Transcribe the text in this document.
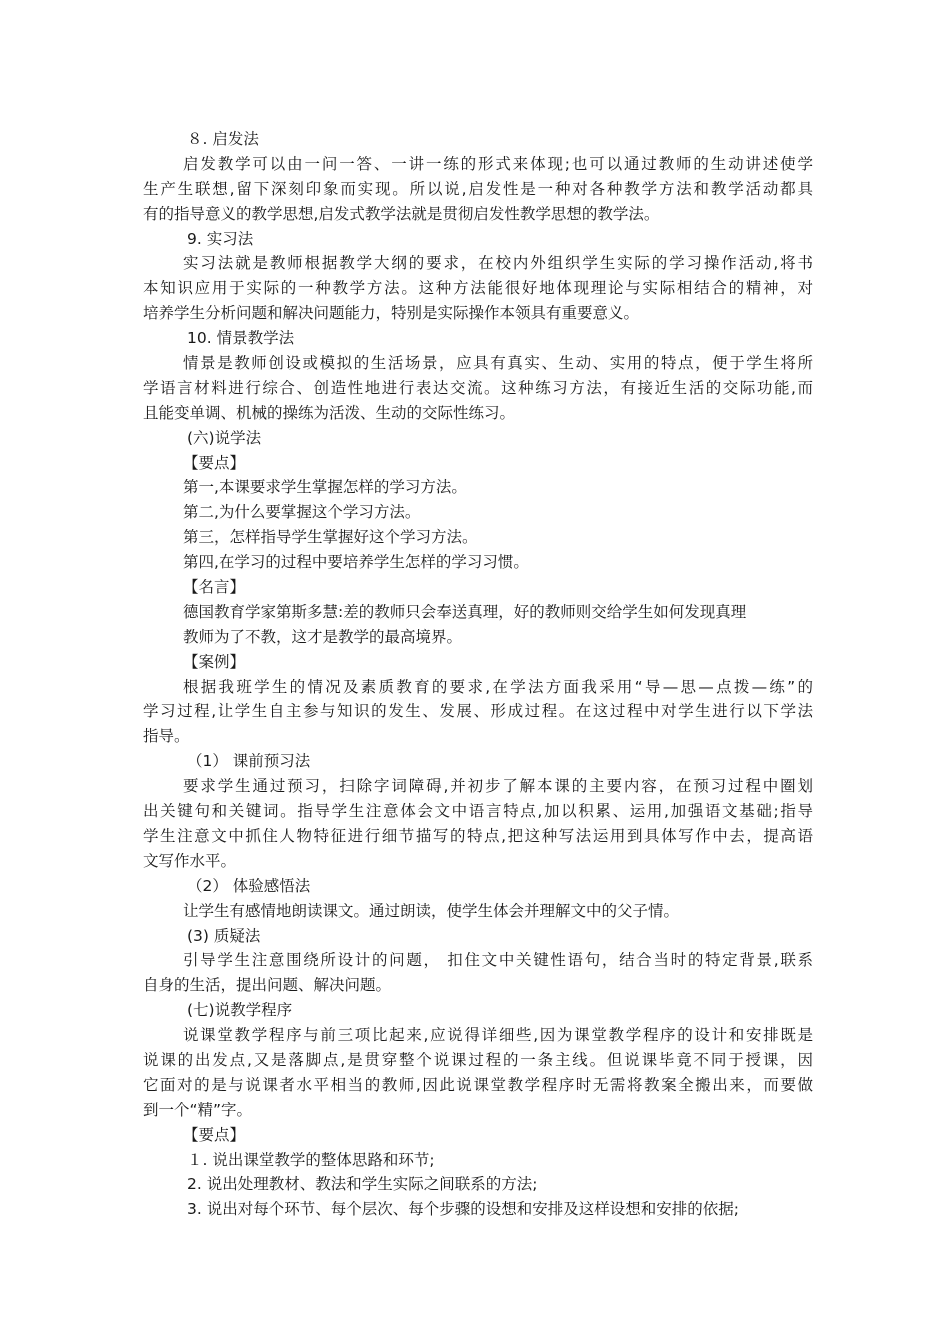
８. 启发法
启发教学可以由一问一答、一讲一练的形式来体现;也可以通过教师的生动讲述使学
生产生联想,留下深刻印象而实现。所以说,启发性是一种对各种教学方法和教学活动都具
有的指导意义的教学思想,启发式教学法就是贯彻启发性教学思想的教学法。
9. 实习法
实习法就是教师根据教学大纲的要求，在校内外组织学生实际的学习操作活动,将书
本知识应用于实际的一种教学方法。这种方法能很好地体现理论与实际相结合的精神，对
培养学生分析问题和解决问题能力，特别是实际操作本领具有重要意义。
10. 情景教学法
情景是教师创设或模拟的生活场景，应具有真实、生动、实用的特点，便于学生将所
学语言材料进行综合、创造性地进行表达交流。这种练习方法，有接近生活的交际功能,而
且能变单调、机械的操练为活泼、生动的交际性练习。
(六)说学法
【要点】
第一,本课要求学生掌握怎样的学习方法。
第二,为什么要掌握这个学习方法。
第三，怎样指导学生掌握好这个学习方法。
第四,在学习的过程中要培养学生怎样的学习习惯。
【名言】
德国教育学家第斯多慧:差的教师只会奉送真理，好的教师则交给学生如何发现真理
教师为了不教，这才是教学的最高境界。
【案例】
根据我班学生的情况及素质教育的要求,在学法方面我采用“导—思—点拨—练”的
学习过程,让学生自主参与知识的发生、发展、形成过程。在这过程中对学生进行以下学法
指导。
（1） 课前预习法
要求学生通过预习，扫除字词障碍,并初步了解本课的主要内容，在预习过程中圈划
出关键句和关键词。指导学生注意体会文中语言特点,加以积累、运用,加强语文基础;指导
学生注意文中抓住人物特征进行细节描写的特点,把这种写法运用到具体写作中去，提高语
文写作水平。
（2） 体验感悟法
让学生有感情地朗读课文。通过朗读，使学生体会并理解文中的父子情。
(3) 质疑法
引导学生注意围绕所设计的问题， 扣住文中关键性语句，结合当时的特定背景,联系
自身的生活，提出问题、解决问题。
(七)说教学程序
说课堂教学程序与前三项比起来,应说得详细些,因为课堂教学程序的设计和安排既是
说课的出发点,又是落脚点,是贯穿整个说课过程的一条主线。但说课毕竟不同于授课，因
它面对的是与说课者水平相当的教师,因此说课堂教学程序时无需将教案全搬出来，而要做
到一个“精”字。
【要点】
１. 说出课堂教学的整体思路和环节;
2. 说出处理教材、教法和学生实际之间联系的方法;
3. 说出对每个环节、每个层次、每个步骤的设想和安排及这样设想和安排的依据;
